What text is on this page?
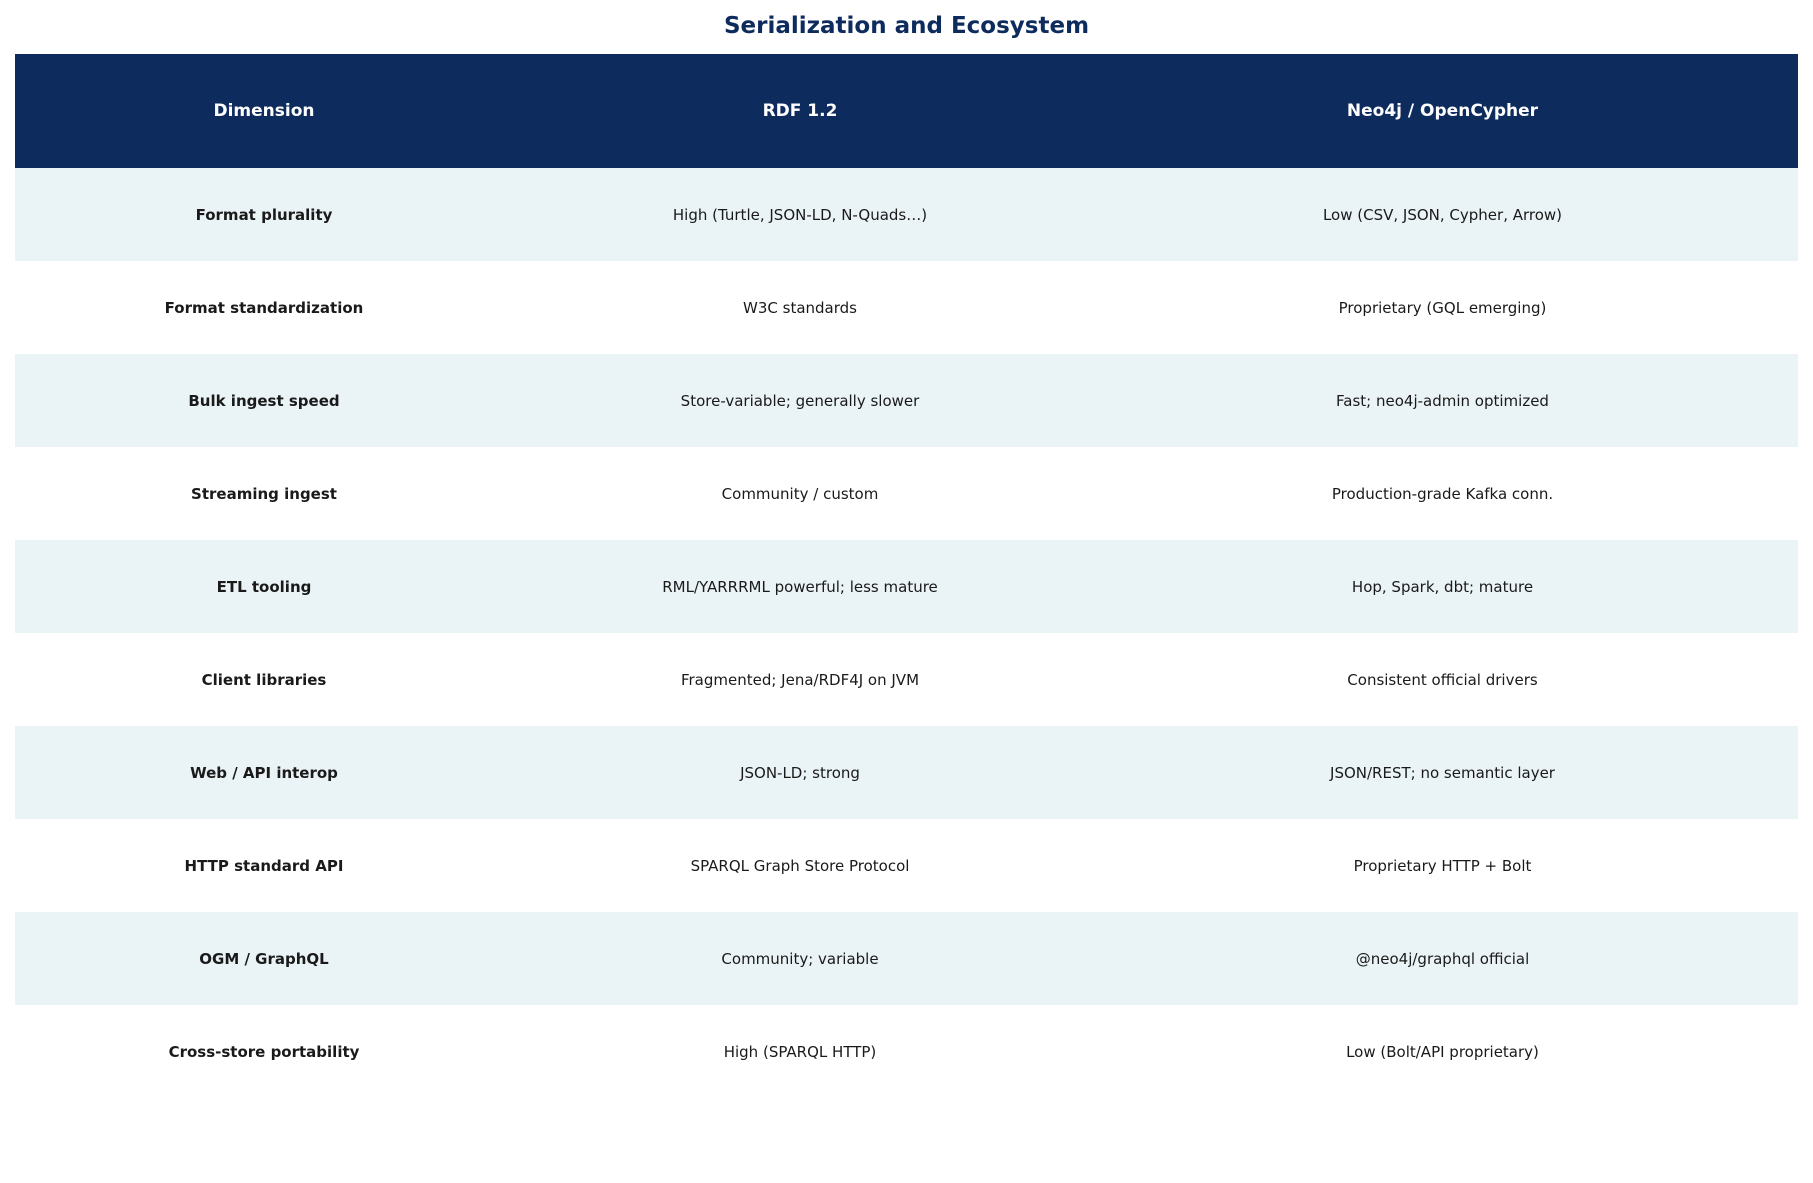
Serialization and Ecosystem
Dimension	RDF 1.2	Neo4j / OpenCypher
Format plurality	High (Turtle, JSON-LD, N-Quads…)	Low (CSV, JSON, Cypher, Arrow)
Format standardization	W3C standards	Proprietary (GQL emerging)
Bulk ingest speed	Store-variable; generally slower	Fast; neo4j-admin optimized
Streaming ingest	Community / custom	Production-grade Kafka conn.
ETL tooling	RML/YARRRML powerful; less mature	Hop, Spark, dbt; mature
Client libraries	Fragmented; Jena/RDF4J on JVM	Consistent official drivers
Web / API interop	JSON-LD; strong	JSON/REST; no semantic layer
HTTP standard API	SPARQL Graph Store Protocol	Proprietary HTTP + Bolt
OGM / GraphQL	Community; variable	@neo4j/graphql official
Cross-store portability	High (SPARQL HTTP)	Low (Bolt/API proprietary)
